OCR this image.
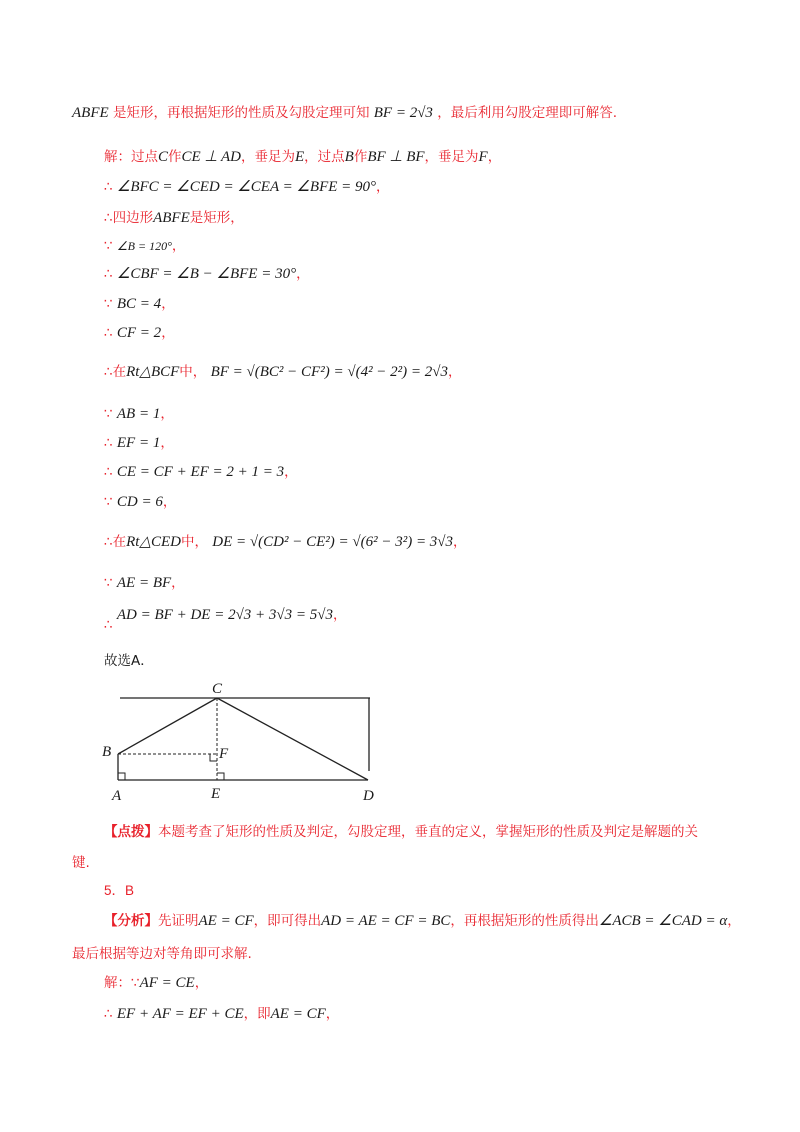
ABFE 是矩形，再根据矩形的性质及勾股定理可知 BF = 2√3 ，最后利用勾股定理即可解答.
解：过点C作CE ⊥ AD，垂足为E，过点B作BF ⊥ BF，垂足为F，
∴ ∠BFC = ∠CED = ∠CEA = ∠BFE = 90°，
∴四边形ABFE是矩形，
∵ ∠B = 120°，
∴ ∠CBF = ∠B − ∠BFE = 30°，
∵ BC = 4，
∴ CF = 2，
∴在Rt△BCF中， BF = √(BC² − CF²) = √(4² − 2²) = 2√3，
∵ AB = 1，
∴ EF = 1，
∴ CE = CF + EF = 2 + 1 = 3，
∵ CD = 6，
∴在Rt△CED中， DE = √(CD² − CE²) = √(6² − 3²) = 3√3，
∵ AE = BF，
∴ AD = BF + DE = 2√3 + 3√3 = 5√3，
故选A．
C
B	F
A	E	D
【点拨】本题考查了矩形的性质及判定，勾股定理，垂直的定义，掌握矩形的性质及判定是解题的关
键.
5．B
【分析】先证明AE = CF，即可得出AD = AE = CF = BC，再根据矩形的性质得出∠ACB = ∠CAD = α，
最后根据等边对等角即可求解.
解：∵AF = CE，
∴ EF + AF = EF + CE，即AE = CF，
